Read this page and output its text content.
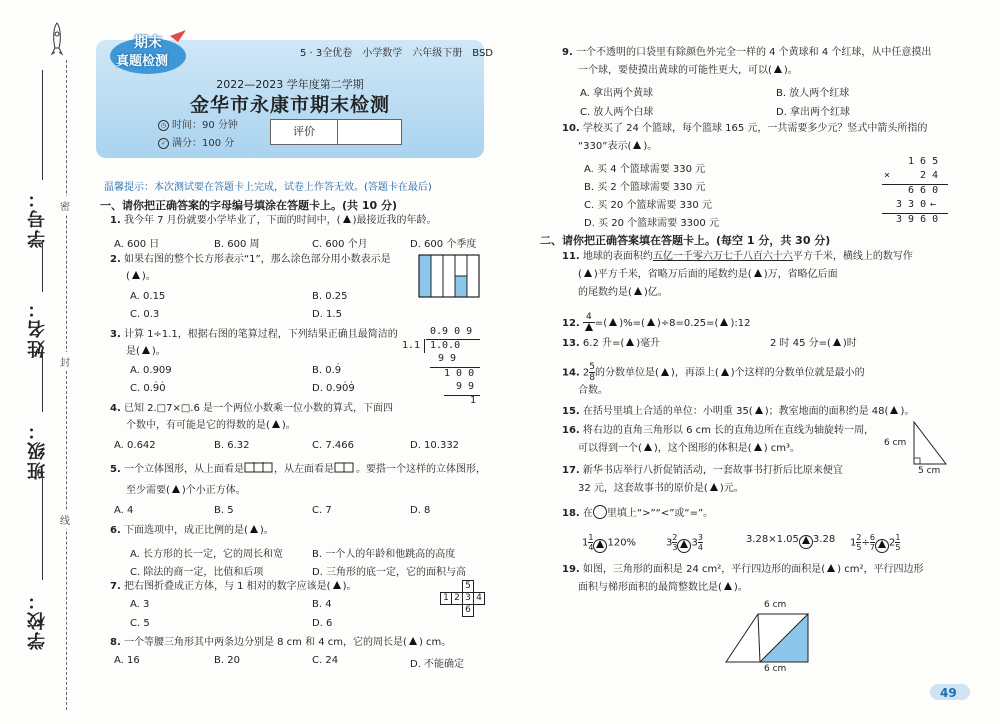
学号：
姓名：
班级：
学校：
密
封
线
期末
真题检测
5 · 3全优卷　小学数学　六年级下册　BSD
2022—2023 学年度第二学期
金华市永康市期末检测
◷ 时间：90 分钟
✓ 满分：100 分
评价
温馨提示：本次测试要在答题卡上完成，试卷上作答无效。(答题卡在最后)
一、请你把正确答案的字母编号填涂在答题卡上。(共 10 分)
1. 我今年 7 月份就要小学毕业了，下面的时间中，( )最接近我的年龄。
A. 600 日	B. 600 周	C. 600 个月	D. 600 个季度
2. 如果右图的整个长方形表示“1”，那么涂色部分用小数表示是
( )。
A. 0.15	B. 0.25
C. 0.3	D. 1.5
3. 计算 1÷1.1，根据右图的笔算过程，下列结果正确且最简洁的
是( )。
A. 0.909	B. 0.9̇
C. 0.9̇0̇	D. 0.90̇9̇
0.9 0 9
1.1 1.0.0
9 9
1 0 0
9 9
1
4. 已知 2.□7×□.6 是一个两位小数乘一位小数的算式，下面四
个数中，有可能是它的得数的是( )。
A. 0.642	B. 6.32	C. 7.466	D. 10.332
5. 一个立体图形，从上面看是	，从左面看是 。要搭一个这样的立体图形，
至少需要( )个小正方体。
A. 4	B. 5	C. 7	D. 8
6. 下面选项中，成正比例的是( )。
A. 长方形的长一定，它的周长和宽	B. 一个人的年龄和他跳高的高度
C. 除法的商一定，比值和后项	D. 三角形的底一定，它的面积与高
7. 把右图折叠成正方体，与 1 相对的数字应该是( )。
1 2 3 4
5
6
A. 3	B. 4
C. 5	D. 6
8. 一个等腰三角形其中两条边分别是 8 cm 和 4 cm，它的周长是( ) cm。
A. 16	B. 20	C. 24	D. 不能确定
9. 一个不透明的口袋里有除颜色外完全一样的 4 个黄球和 4 个红球，从中任意摸出
一个球，要使摸出黄球的可能性更大，可以( )。
A. 拿出两个黄球	B. 放人两个红球
C. 放人两个白球	D. 拿出两个红球
10. 学校买了 24 个篮球，每个篮球 165 元，一共需要多少元？竖式中箭头所指的
“330”表示( )。
A. 买 4 个篮球需要 330 元
B. 买 2 个篮球需要 330 元
C. 买 20 个篮球需要 330 元
D. 买 20 个篮球需要 3300 元
1 6 5
×	2 4
6 6 0
3 3 0 ←
3 9 6 0
二、请你把正确答案填在答题卡上。(每空 1 分，共 30 分)
11. 地球的表面积约五亿一千零六万七千八百六十六平方千米，横线上的数写作
( )平方千米，省略万后面的尾数约是( )万，省略亿后面
的尾数约是( )亿。
12.
4
=( )%=( )÷8=0.25=( ):12
13. 6.2 升=( )毫升	2 时 45 分=( )时
14. $2 \frac{5}{8}$ 的分数单位是( )，再添上( )个这样的分数单位就是最小的
合数。
15. 在括号里填上合适的单位：小明重 35( )；教室地面的面积约是 48( )。
16. 将右边的直角三角形以 6 cm 长的直角边所在直线为轴旋转一周，
可以得到一个( )，这个图形的体积是( ) cm³。	6 cm
5 cm
17. 新华书店举行八折促销活动，一套故事书打折后比原来便宜
32 元，这套故事书的原价是( )元。
18. 在 里填上“>”“<”或“=”。
$1 \frac{1}{4} 120\%$	$3 \frac{2}{3} 3 \frac{3}{4}$	3.28×1.05 3.28 $1 \frac{2}{5} \div \frac{6}{7} 2 \frac{1}{5}$
19. 如图，三角形的面积是 24 cm²，平行四边形的面积是( ) cm²，平行四边形
面积与梯形面积的最简整数比是( )。
6 cm
6 cm
49
